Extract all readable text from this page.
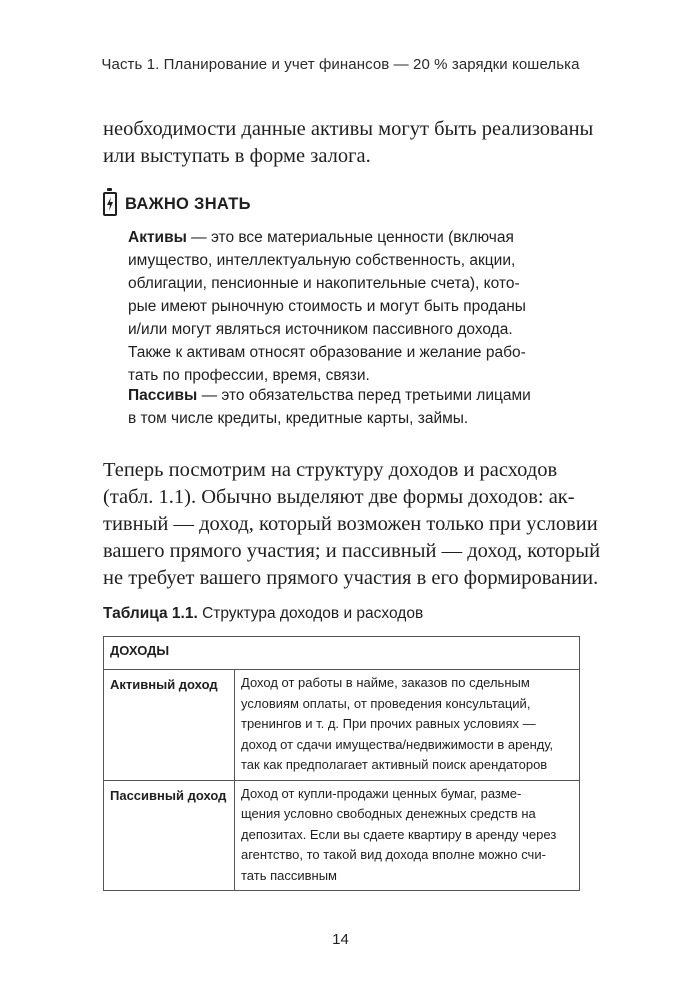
Часть 1. Планирование и учет финансов — 20 % зарядки кошелька
необходимости данные активы могут быть реализованы
или выступать в форме залога.
ВАЖНО ЗНАТЬ
Активы — это все материальные ценности (включая
имущество, интеллектуальную собственность, акции,
облигации, пенсионные и накопительные счета), кото-
рые имеют рыночную стоимость и могут быть проданы
и/или могут являться источником пассивного дохода.
Также к активам относят образование и желание рабо-
тать по профессии, время, связи.
Пассивы — это обязательства перед третьими лицами
в том числе кредиты, кредитные карты, займы.
Теперь посмотрим на структуру доходов и расходов
(табл. 1.1). Обычно выделяют две формы доходов: ак-
тивный — доход, который возможен только при условии
вашего прямого участия; и пассивный — доход, который
не требует вашего прямого участия в его формировании.
Таблица 1.1. Структура доходов и расходов
ДОХОДЫ	
Активный доход	Доход от работы в найме, заказов по сдельным
условиям оплаты, от проведения консультаций,
тренингов и т. д. При прочих равных условиях —
доход от сдачи имущества/недвижимости в аренду,
так как предполагает активный поиск арендаторов

Пассивный доход	Доход от купли-продажи ценных бумаг, разме-
щения условно свободных денежных средств на
депозитах. Если вы сдаете квартиру в аренду через
агентство, то такой вид дохода вполне можно счи-
тать пассивным
14
